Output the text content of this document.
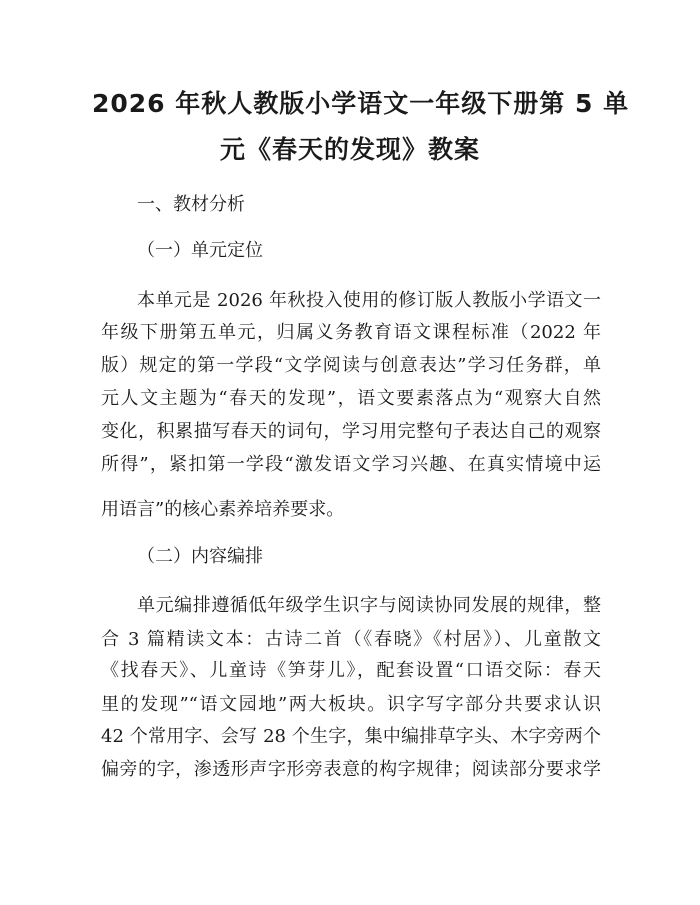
2026 年秋人教版小学语文一年级下册第 5 单
元《春天的发现》教案
一、教材分析
（一）单元定位
本单元是 2026 年秋投入使用的修订版人教版小学语文一
年级下册第五单元，归属义务教育语文课程标准（2022 年
版）规定的第一学段“文学阅读与创意表达”学习任务群，单
元人文主题为“春天的发现”，语文要素落点为“观察大自然
变化，积累描写春天的词句，学习用完整句子表达自己的观察
所得”，紧扣第一学段“激发语文学习兴趣、在真实情境中运
用语言”的核心素养培养要求。
（二）内容编排
单元编排遵循低年级学生识字与阅读协同发展的规律，整
合 3 篇精读文本：古诗二首（《春晓》《村居》）、儿童散文
《找春天》、儿童诗《笋芽儿》，配套设置“口语交际：春天
里的发现”“语文园地”两大板块。识字写字部分共要求认识
42 个常用字、会写 28 个生字，集中编排草字头、木字旁两个
偏旁的字，渗透形声字形旁表意的构字规律；阅读部分要求学
